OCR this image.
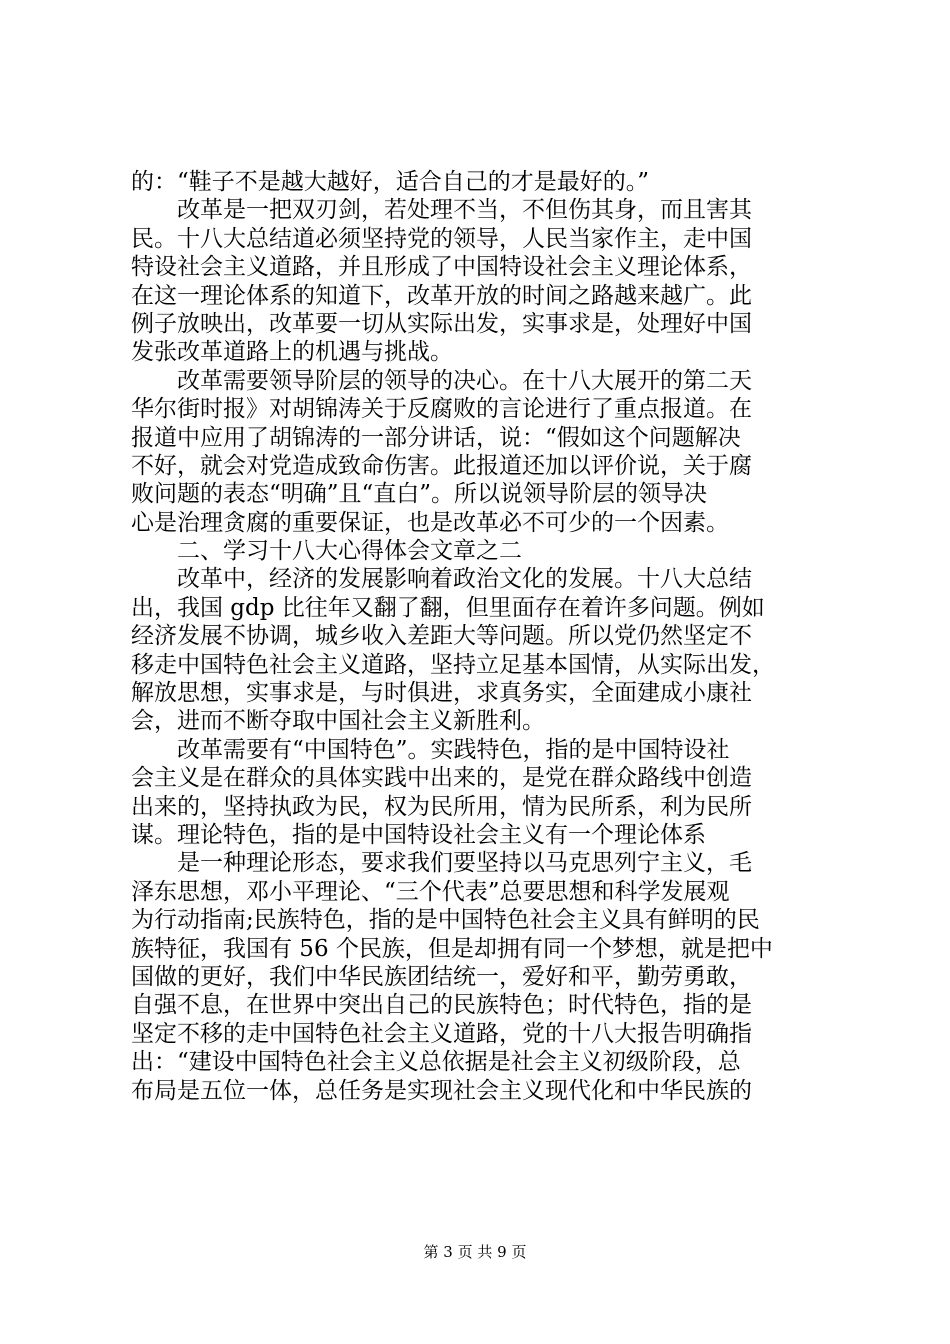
的：“鞋子不是越大越好，适合自己的才是最好的。”
　　改革是一把双刃剑，若处理不当，不但伤其身，而且害其
民。十八大总结道必须坚持党的领导，人民当家作主，走中国
特设社会主义道路，并且形成了中国特设社会主义理论体系，
在这一理论体系的知道下，改革开放的时间之路越来越广。此
例子放映出，改革要一切从实际出发，实事求是，处理好中国
发张改革道路上的机遇与挑战。
　　改革需要领导阶层的领导的决心。在十八大展开的第二天
华尔街时报》对胡锦涛关于反腐败的言论进行了重点报道。在
报道中应用了胡锦涛的一部分讲话，说：“假如这个问题解决
不好，就会对党造成致命伤害。此报道还加以评价说，关于腐
败问题的表态“明确”且“直白”。所以说领导阶层的领导决
心是治理贪腐的重要保证，也是改革必不可少的一个因素。
　　二、学习十八大心得体会文章之二
　　改革中，经济的发展影响着政治文化的发展。十八大总结
出，我国 gdp 比往年又翻了翻，但里面存在着许多问题。例如
经济发展不协调，城乡收入差距大等问题。所以党仍然坚定不
移走中国特色社会主义道路，坚持立足基本国情，从实际出发，
解放思想，实事求是，与时俱进，求真务实，全面建成小康社
会，进而不断夺取中国社会主义新胜利。
　　改革需要有“中国特色”。实践特色，指的是中国特设社
会主义是在群众的具体实践中出来的，是党在群众路线中创造
出来的，坚持执政为民，权为民所用，情为民所系，利为民所
谋。理论特色，指的是中国特设社会主义有一个理论体系
　　是一种理论形态，要求我们要坚持以马克思列宁主义，毛
泽东思想，邓小平理论、“三个代表”总要思想和科学发展观
为行动指南;民族特色，指的是中国特色社会主义具有鲜明的民
族特征，我国有 56 个民族，但是却拥有同一个梦想，就是把中
国做的更好，我们中华民族团结统一，爱好和平，勤劳勇敢，
自强不息，在世界中突出自己的民族特色；时代特色，指的是
坚定不移的走中国特色社会主义道路，党的十八大报告明确指
出：“建设中国特色社会主义总依据是社会主义初级阶段，总
布局是五位一体，总任务是实现社会主义现代化和中华民族的
第 3 页 共 9 页
